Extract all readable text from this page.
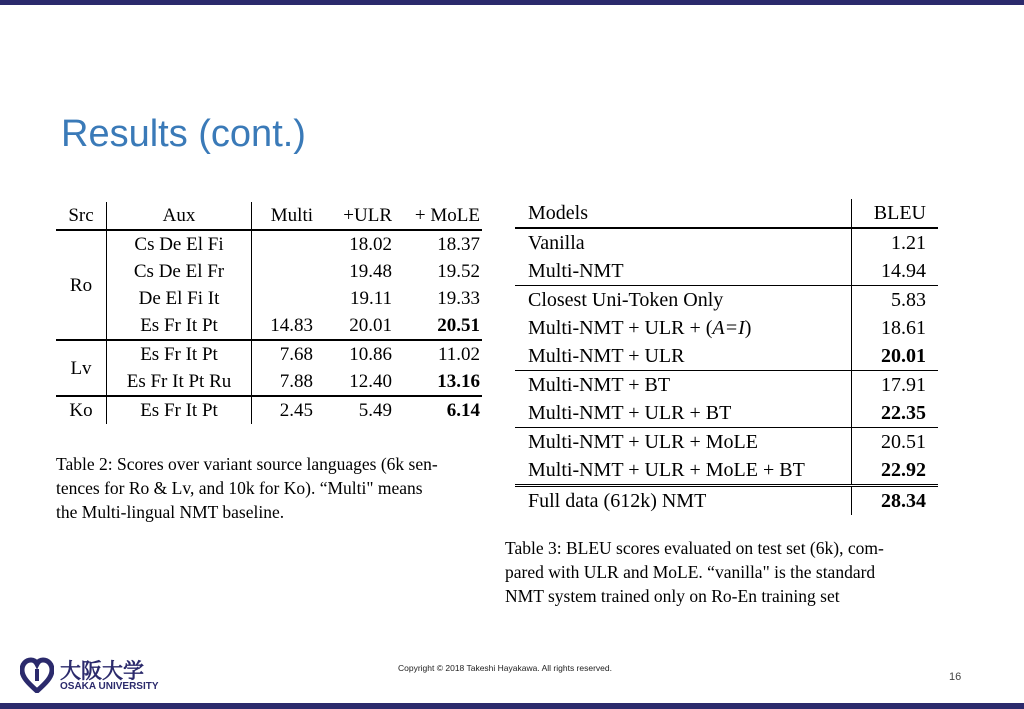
Results (cont.)
Src	Aux	Multi	+ULR	+ MoLE
Ro	Cs De El Fi		18.02	18.37
	Cs De El Fr		19.48	19.52
	De El Fi It		19.11	19.33
	Es Fr It Pt	14.83	20.01	20.51
Lv	Es Fr It Pt	7.68	10.86	11.02
	Es Fr It Pt Ru	7.88	12.40	13.16
Ko	Es Fr It Pt	2.45	5.49	6.14
Table 2: Scores over variant source languages (6k sen-
tences for Ro & Lv, and 10k for Ko). “Multi" means
the Multi-lingual NMT baseline.
Models	BLEU
Vanilla	1.21
Multi-NMT	14.94
Closest Uni-Token Only	5.83
Multi-NMT + ULR + (A=I)	18.61
Multi-NMT + ULR	20.01
Multi-NMT + BT	17.91
Multi-NMT + ULR + BT	22.35
Multi-NMT + ULR + MoLE	20.51
Multi-NMT + ULR + MoLE + BT	22.92
Full data (612k) NMT	28.34
Table 3: BLEU scores evaluated on test set (6k), com-
pared with ULR and MoLE. “vanilla" is the standard
NMT system trained only on Ro-En training set
大阪大学
OSAKA UNIVERSITY
Copyright © 2018 Takeshi Hayakawa. All rights reserved.
16
